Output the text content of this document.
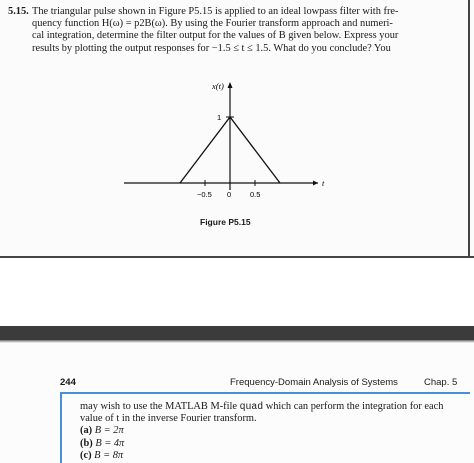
5.15. The triangular pulse shown in Figure P5.15 is applied to an ideal lowpass filter with fre-
quency function H(ω) = p2B(ω). By using the Fourier transform approach and numeri-
cal integration, determine the filter output for the values of B given below. Express your
results by plotting the output responses for −1.5 ≤ t ≤ 1.5. What do you conclude? You
x(t)
t
1
−0.5 0	0.5
Figure P5.15
244	Frequency-Domain Analysis of Systems	Chap. 5
may wish to use the MATLAB M-file quad which can perform the integration for each
value of t in the inverse Fourier transform.
(a) B = 2π
(b) B = 4π
(c) B = 8π
